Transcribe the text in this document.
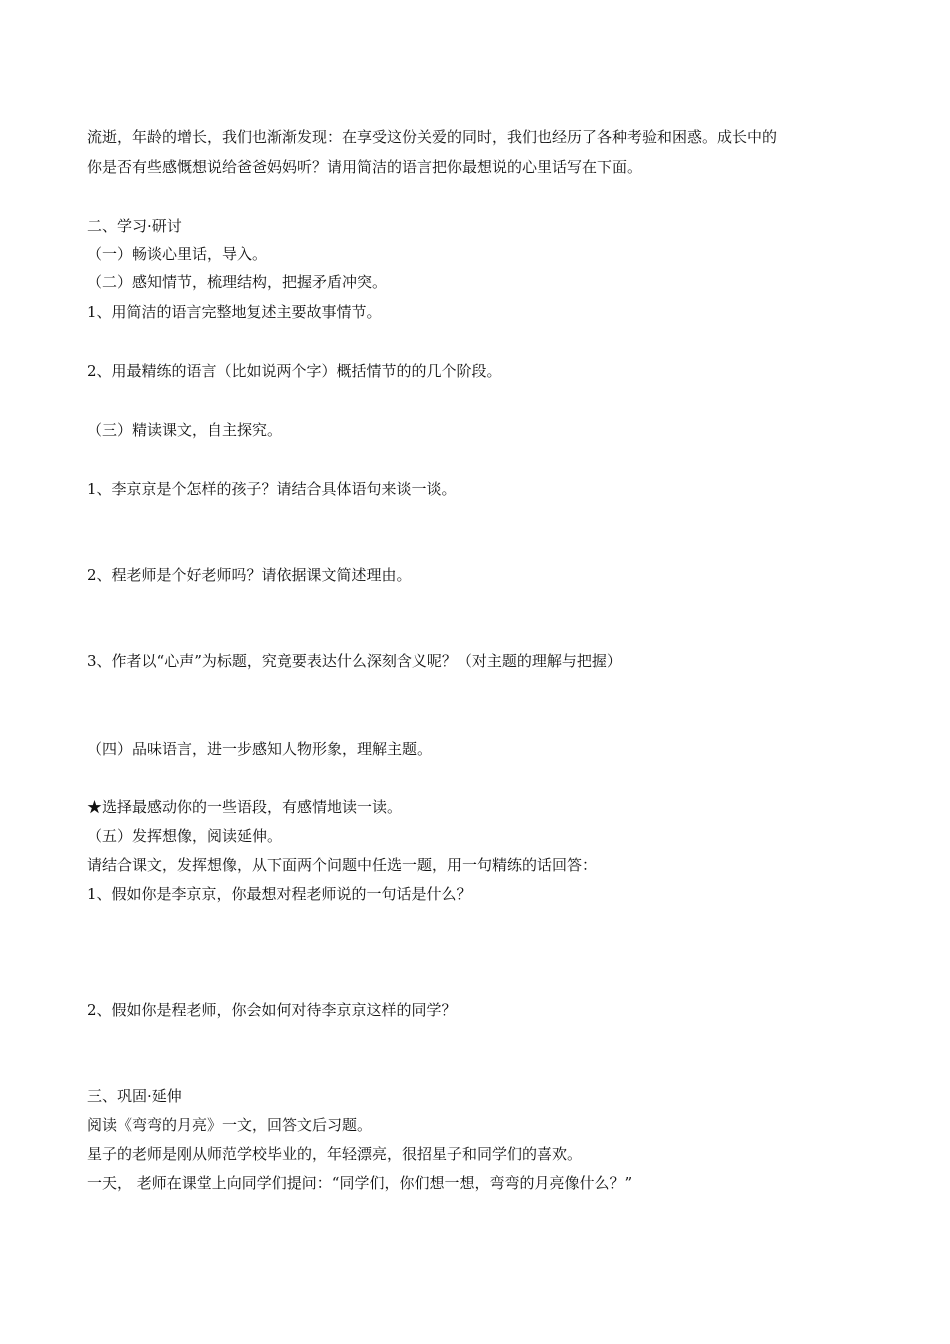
流逝，年龄的增长，我们也渐渐发现：在享受这份关爱的同时，我们也经历了各种考验和困惑。成长中的
你是否有些感慨想说给爸爸妈妈听？请用简洁的语言把你最想说的心里话写在下面。
二、学习·研讨
（一）畅谈心里话，导入。
（二）感知情节，梳理结构，把握矛盾冲突。
1、用简洁的语言完整地复述主要故事情节。
2、用最精练的语言（比如说两个字）概括情节的的几个阶段。
（三）精读课文，自主探究。
1、李京京是个怎样的孩子？请结合具体语句来谈一谈。
2、程老师是个好老师吗？请依据课文简述理由。
3、作者以“心声”为标题，究竟要表达什么深刻含义呢？（对主题的理解与把握）
（四）品味语言，进一步感知人物形象，理解主题。
★选择最感动你的一些语段，有感情地读一读。
（五）发挥想像，阅读延伸。
请结合课文，发挥想像，从下面两个问题中任选一题，用一句精练的话回答：
1、假如你是李京京，你最想对程老师说的一句话是什么？
2、假如你是程老师，你会如何对待李京京这样的同学？
三、巩固·延伸
阅读《弯弯的月亮》一文，回答文后习题。
星子的老师是刚从师范学校毕业的，年轻漂亮，很招星子和同学们的喜欢。
一天， 老师在课堂上向同学们提问：“同学们，你们想一想，弯弯的月亮像什么？”
